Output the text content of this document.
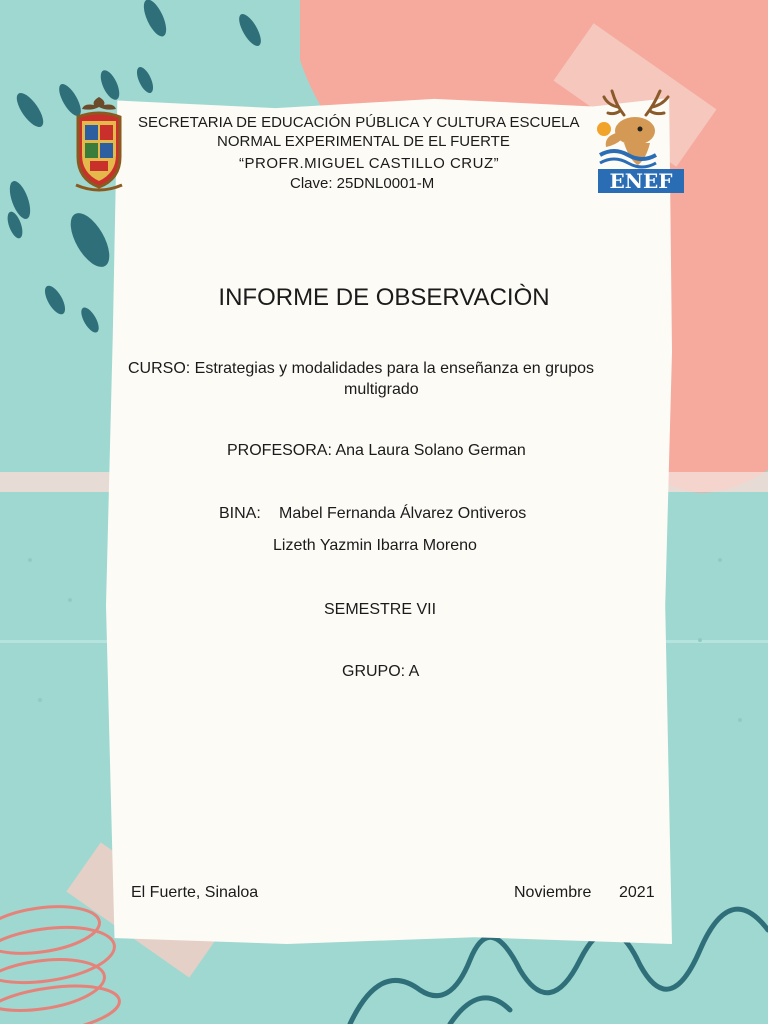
ENEF
SECRETARIA DE EDUCACIÓN PÚBLICA Y CULTURA ESCUELA
NORMAL EXPERIMENTAL DE EL FUERTE
“PROFR.MIGUEL CASTILLO CRUZ”
Clave: 25DNL0001-M
INFORME DE OBSERVACIÒN
CURSO: Estrategias y modalidades para la enseñanza en grupos
multigrado
PROFESORA: Ana Laura Solano German
BINA: Mabel Fernanda Álvarez Ontiveros
Lizeth Yazmin Ibarra Moreno
SEMESTRE VII
GRUPO: A
El Fuerte, Sinaloa	Noviembre 2021
